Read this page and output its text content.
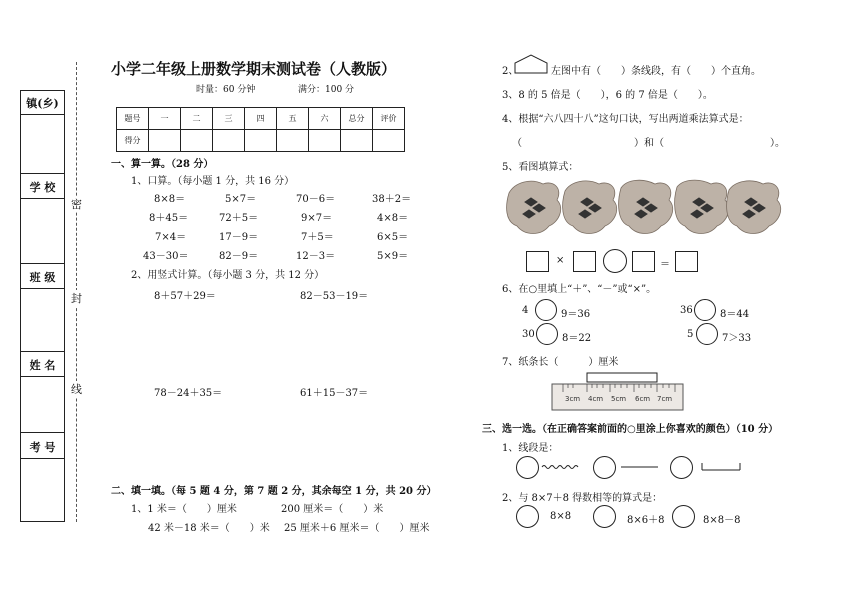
镇(乡)
学 校
班 级
姓 名
考 号
密
封
线
小学二年级上册数学期末测试卷（人教版）
时量：60 分钟	满分：100 分
题号	一	二	三	四	五	六	总分	评价
得分								
一、算一算。（28 分）
1、口算。（每小题 1 分，共 16 分）
8×8＝	5×7＝	70－6＝	38＋2＝
8＋45＝	72＋5＝	9×7＝	4×8＝
7×4＝	17－9＝	7＋5＝	6×5＝
43－30＝	82－9＝	12－3＝	5×9＝
2、用竖式计算。（每小题 3 分，共 12 分）
8＋57＋29＝	82－53－19＝
78－24＋35＝	61＋15－37＝
二、填一填。（每 5 题 4 分，第 7 题 2 分，其余每空 1 分，共 20 分）
1、1 米＝（　　）厘米	200 厘米＝（　　）米
42 米－18 米＝（　　）米 25 厘米＋6 厘米＝（　　）厘米
2、	左图中有（　　）条线段，有（　　）个直角。
3、8 的 5 倍是（　　），6 的 7 倍是（　　）。
4、根据“六八四十八”这句口诀，写出两道乘法算式是：
（	）和（	）。
5、看图填算式：
×	＝
6、在○里填上“＋”、“－”或“×”。
4	9＝36	36	8＝44
30	8＝22	5	7＞33
7、纸条长（　　　）厘米
3cm 4cm 5cm 6cm 7cm
三、选一选。（在正确答案前面的○里涂上你喜欢的颜色）（10 分）
1、线段是：
2、与 8×7＋8 得数相等的算式是：
8×8	8×6＋8	8×8－8
